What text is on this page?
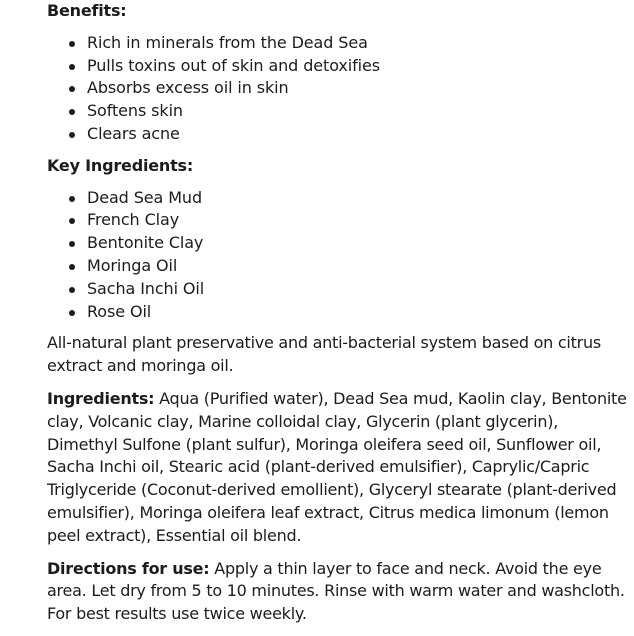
Benefits:

Rich in minerals from the Dead Sea
Pulls toxins out of skin and detoxifies
Absorbs excess oil in skin
Softens skin
Clears acne

Key Ingredients:

Dead Sea Mud
French Clay
Bentonite Clay
Moringa Oil
Sacha Inchi Oil
Rose Oil

All-natural plant preservative and anti-bacterial system based on citrus extract and moringa oil.

Ingredients: Aqua (Purified water), Dead Sea mud, Kaolin clay, Bentonite clay, Volcanic clay, Marine colloidal clay, Glycerin (plant glycerin), Dimethyl Sulfone (plant sulfur), Moringa oleifera seed oil, Sunflower oil, Sacha Inchi oil, Stearic acid (plant-derived emulsifier), Caprylic/Capric Triglyceride (Coconut-derived emollient), Glyceryl stearate (plant-derived emulsifier), Moringa oleifera leaf extract, Citrus medica limonum (lemon peel extract), Essential oil blend.

Directions for use: Apply a thin layer to face and neck. Avoid the eye area. Let dry from 5 to 10 minutes. Rinse with warm water and washcloth. For best results use twice weekly.
